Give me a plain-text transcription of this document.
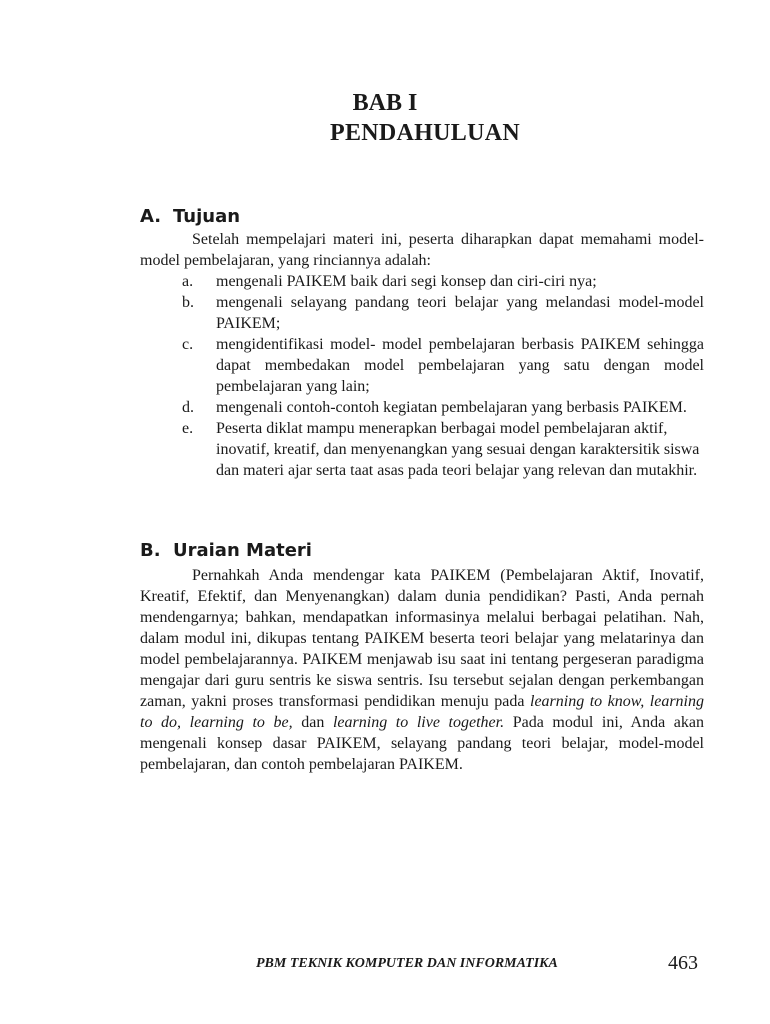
BAB I
PENDAHULUAN
A. Tujuan
Setelah mempelajari materi ini, peserta diharapkan dapat memahami model-model pembelajaran, yang rinciannya adalah:
a.	mengenali PAIKEM baik dari segi konsep dan ciri-ciri nya;
b.	mengenali selayang pandang teori belajar yang melandasi model-model PAIKEM;
c.	mengidentifikasi model- model pembelajaran berbasis PAIKEM sehingga dapat membedakan model pembelajaran yang satu dengan model pembelajaran yang lain;
d.	mengenali contoh-contoh kegiatan pembelajaran yang berbasis PAIKEM.
e.	Peserta diklat mampu menerapkan berbagai model pembelajaran aktif, inovatif, kreatif, dan menyenangkan yang sesuai dengan karaktersitik siswa dan materi ajar serta taat asas pada teori belajar yang relevan dan mutakhir.
B. Uraian Materi
Pernahkah Anda mendengar kata PAIKEM (Pembelajaran Aktif, Inovatif, Kreatif, Efektif, dan Menyenangkan) dalam dunia pendidikan? Pasti, Anda pernah mendengarnya; bahkan, mendapatkan informasinya melalui berbagai pelatihan. Nah, dalam modul ini, dikupas tentang PAIKEM beserta teori belajar yang melatarinya dan model pembelajarannya. PAIKEM menjawab isu saat ini tentang pergeseran paradigma mengajar dari guru sentris ke siswa sentris. Isu tersebut sejalan dengan perkembangan zaman, yakni proses transformasi pendidikan menuju pada learning to know, learning to do, learning to be, dan learning to live together. Pada modul ini, Anda akan mengenali konsep dasar PAIKEM, selayang pandang teori belajar, model-model pembelajaran, dan contoh pembelajaran PAIKEM.
PBM TEKNIK KOMPUTER DAN INFORMATIKA	463
